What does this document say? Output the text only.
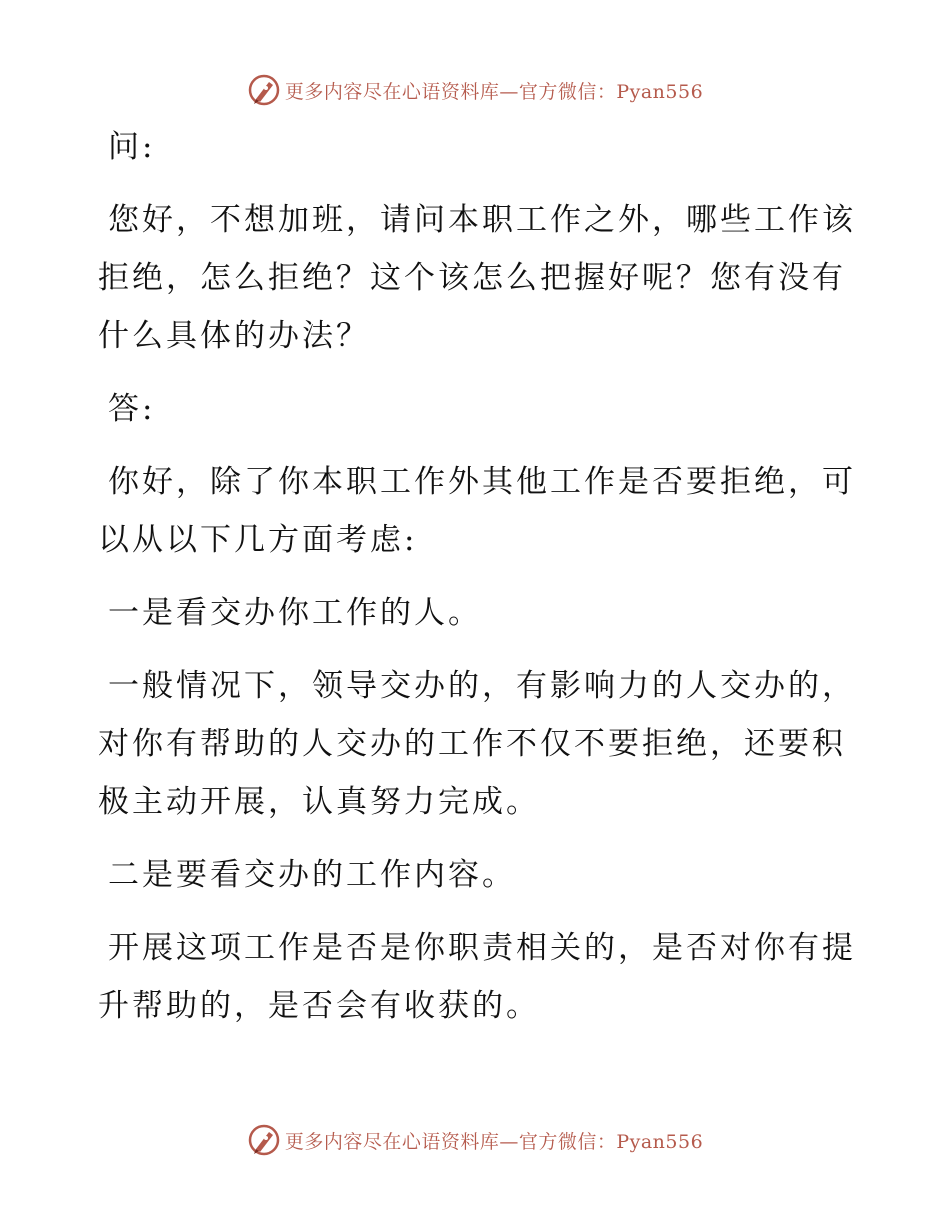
更多内容尽在心语资料库—官方微信：Pyan556

问:

您好，不想加班，请问本职工作之外，哪些工作该拒绝，怎么拒绝？这个该怎么把握好呢？您有没有什么具体的办法？

答:

你好，除了你本职工作外其他工作是否要拒绝，可以从以下几方面考虑:

一是看交办你工作的人。

一般情况下，领导交办的，有影响力的人交办的，对你有帮助的人交办的工作不仅不要拒绝，还要积极主动开展，认真努力完成。

二是要看交办的工作内容。

开展这项工作是否是你职责相关的，是否对你有提升帮助的，是否会有收获的。

更多内容尽在心语资料库—官方微信：Pyan556
